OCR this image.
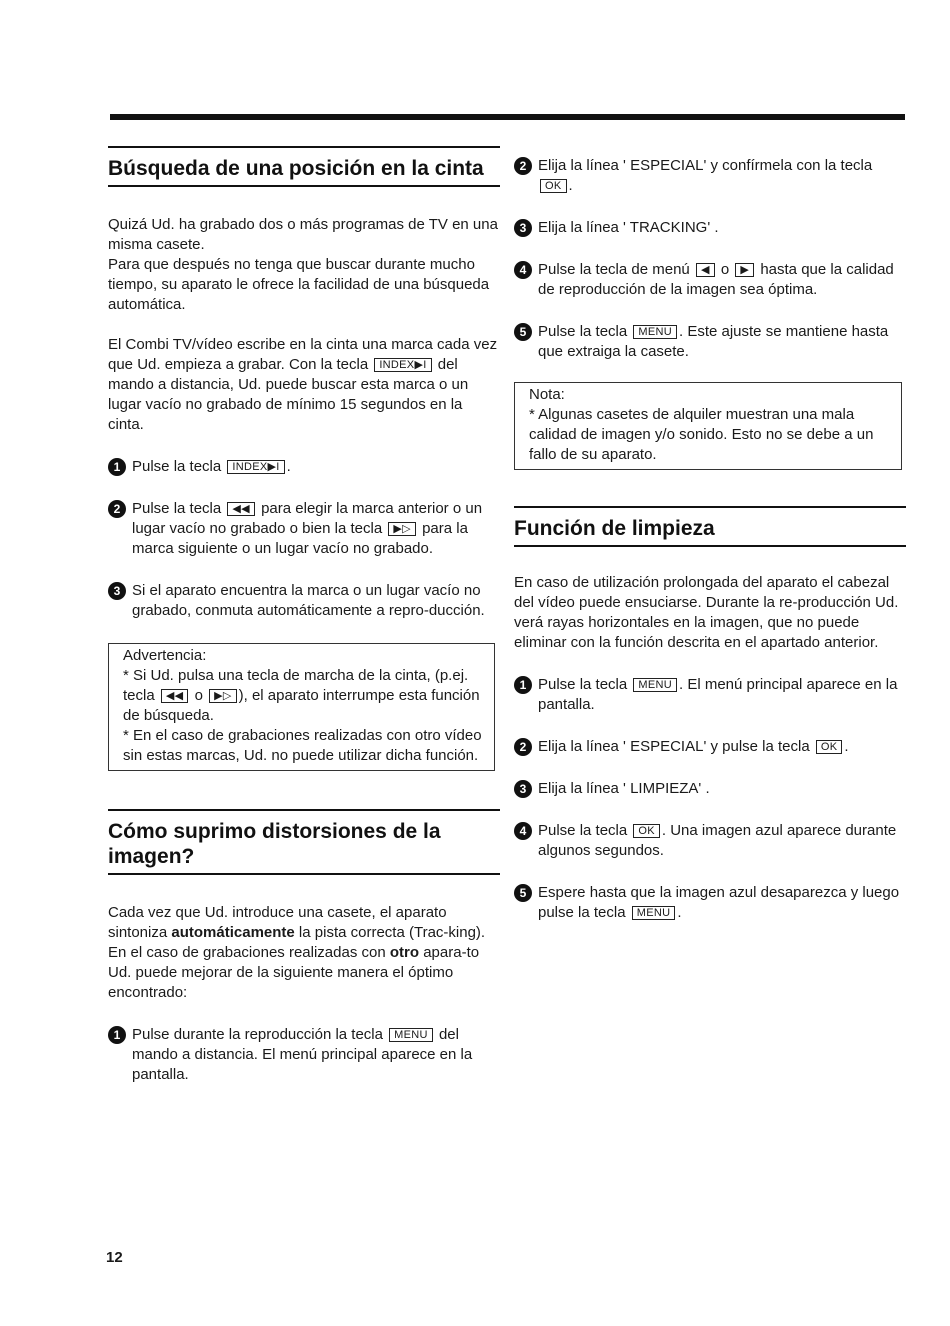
Búsqueda de una posición en la cinta

Quizá Ud. ha grabado dos o más programas de TV en una misma casete.

Para que después no tenga que buscar durante mucho tiempo, su aparato le ofrece la facilidad de una búsqueda automática.

El Combi TV/vídeo escribe en la cinta una marca cada vez que Ud. empieza a grabar. Con la tecla INDEX▶I del mando a distancia, Ud. puede buscar esta marca o un lugar vacío no grabado de mínimo 15 segundos en la cinta.

1 Pulse la tecla INDEX▶I .
2 Pulse la tecla ◀◀ para elegir la marca anterior o un lugar vacío no grabado o bien la tecla ▶▷ para la marca siguiente o un lugar vacío no grabado.
3 Si el aparato encuentra la marca o un lugar vacío no grabado, conmuta automáticamente a repro-ducción.

Advertencia:

* Si Ud. pulsa una tecla de marcha de la cinta, (p.ej. tecla ◀◀ o ▶▷ ), el aparato interrumpe esta función de búsqueda.

* En el caso de grabaciones realizadas con otro vídeo sin estas marcas, Ud. no puede utilizar dicha función.

Cómo suprimo distorsiones de la imagen?

Cada vez que Ud. introduce una casete, el aparato sintoniza automáticamente la pista correcta (Trac-king).

En el caso de grabaciones realizadas con otro apara-to Ud. puede mejorar de la siguiente manera el óptimo encontrado:

1 Pulse durante la reproducción la tecla MENU del mando a distancia. El menú principal aparece en la pantalla.
12
2 Elija la línea ' ESPECIAL' y confírmela con la tecla OK .
3 Elija la línea ' TRACKING' .
4 Pulse la tecla de menú ◀ o ▶ hasta que la calidad de reproducción de la imagen sea óptima.
5 Pulse la tecla MENU . Este ajuste se mantiene hasta que extraiga la casete.

Nota:

* Algunas casetes de alquiler muestran una mala calidad de imagen y/o sonido. Esto no se debe a un fallo de su aparato.

Función de limpieza

En caso de utilización prolongada del aparato el cabezal del vídeo puede ensuciarse. Durante la re-producción Ud. verá rayas horizontales en la imagen, que no puede eliminar con la función descrita en el apartado anterior.

1 Pulse la tecla MENU . El menú principal aparece en la pantalla.
2 Elija la línea ' ESPECIAL' y pulse la tecla OK .
3 Elija la línea ' LIMPIEZA' .
4 Pulse la tecla OK . Una imagen azul aparece durante algunos segundos.
5 Espere hasta que la imagen azul desaparezca y luego pulse la tecla MENU .
